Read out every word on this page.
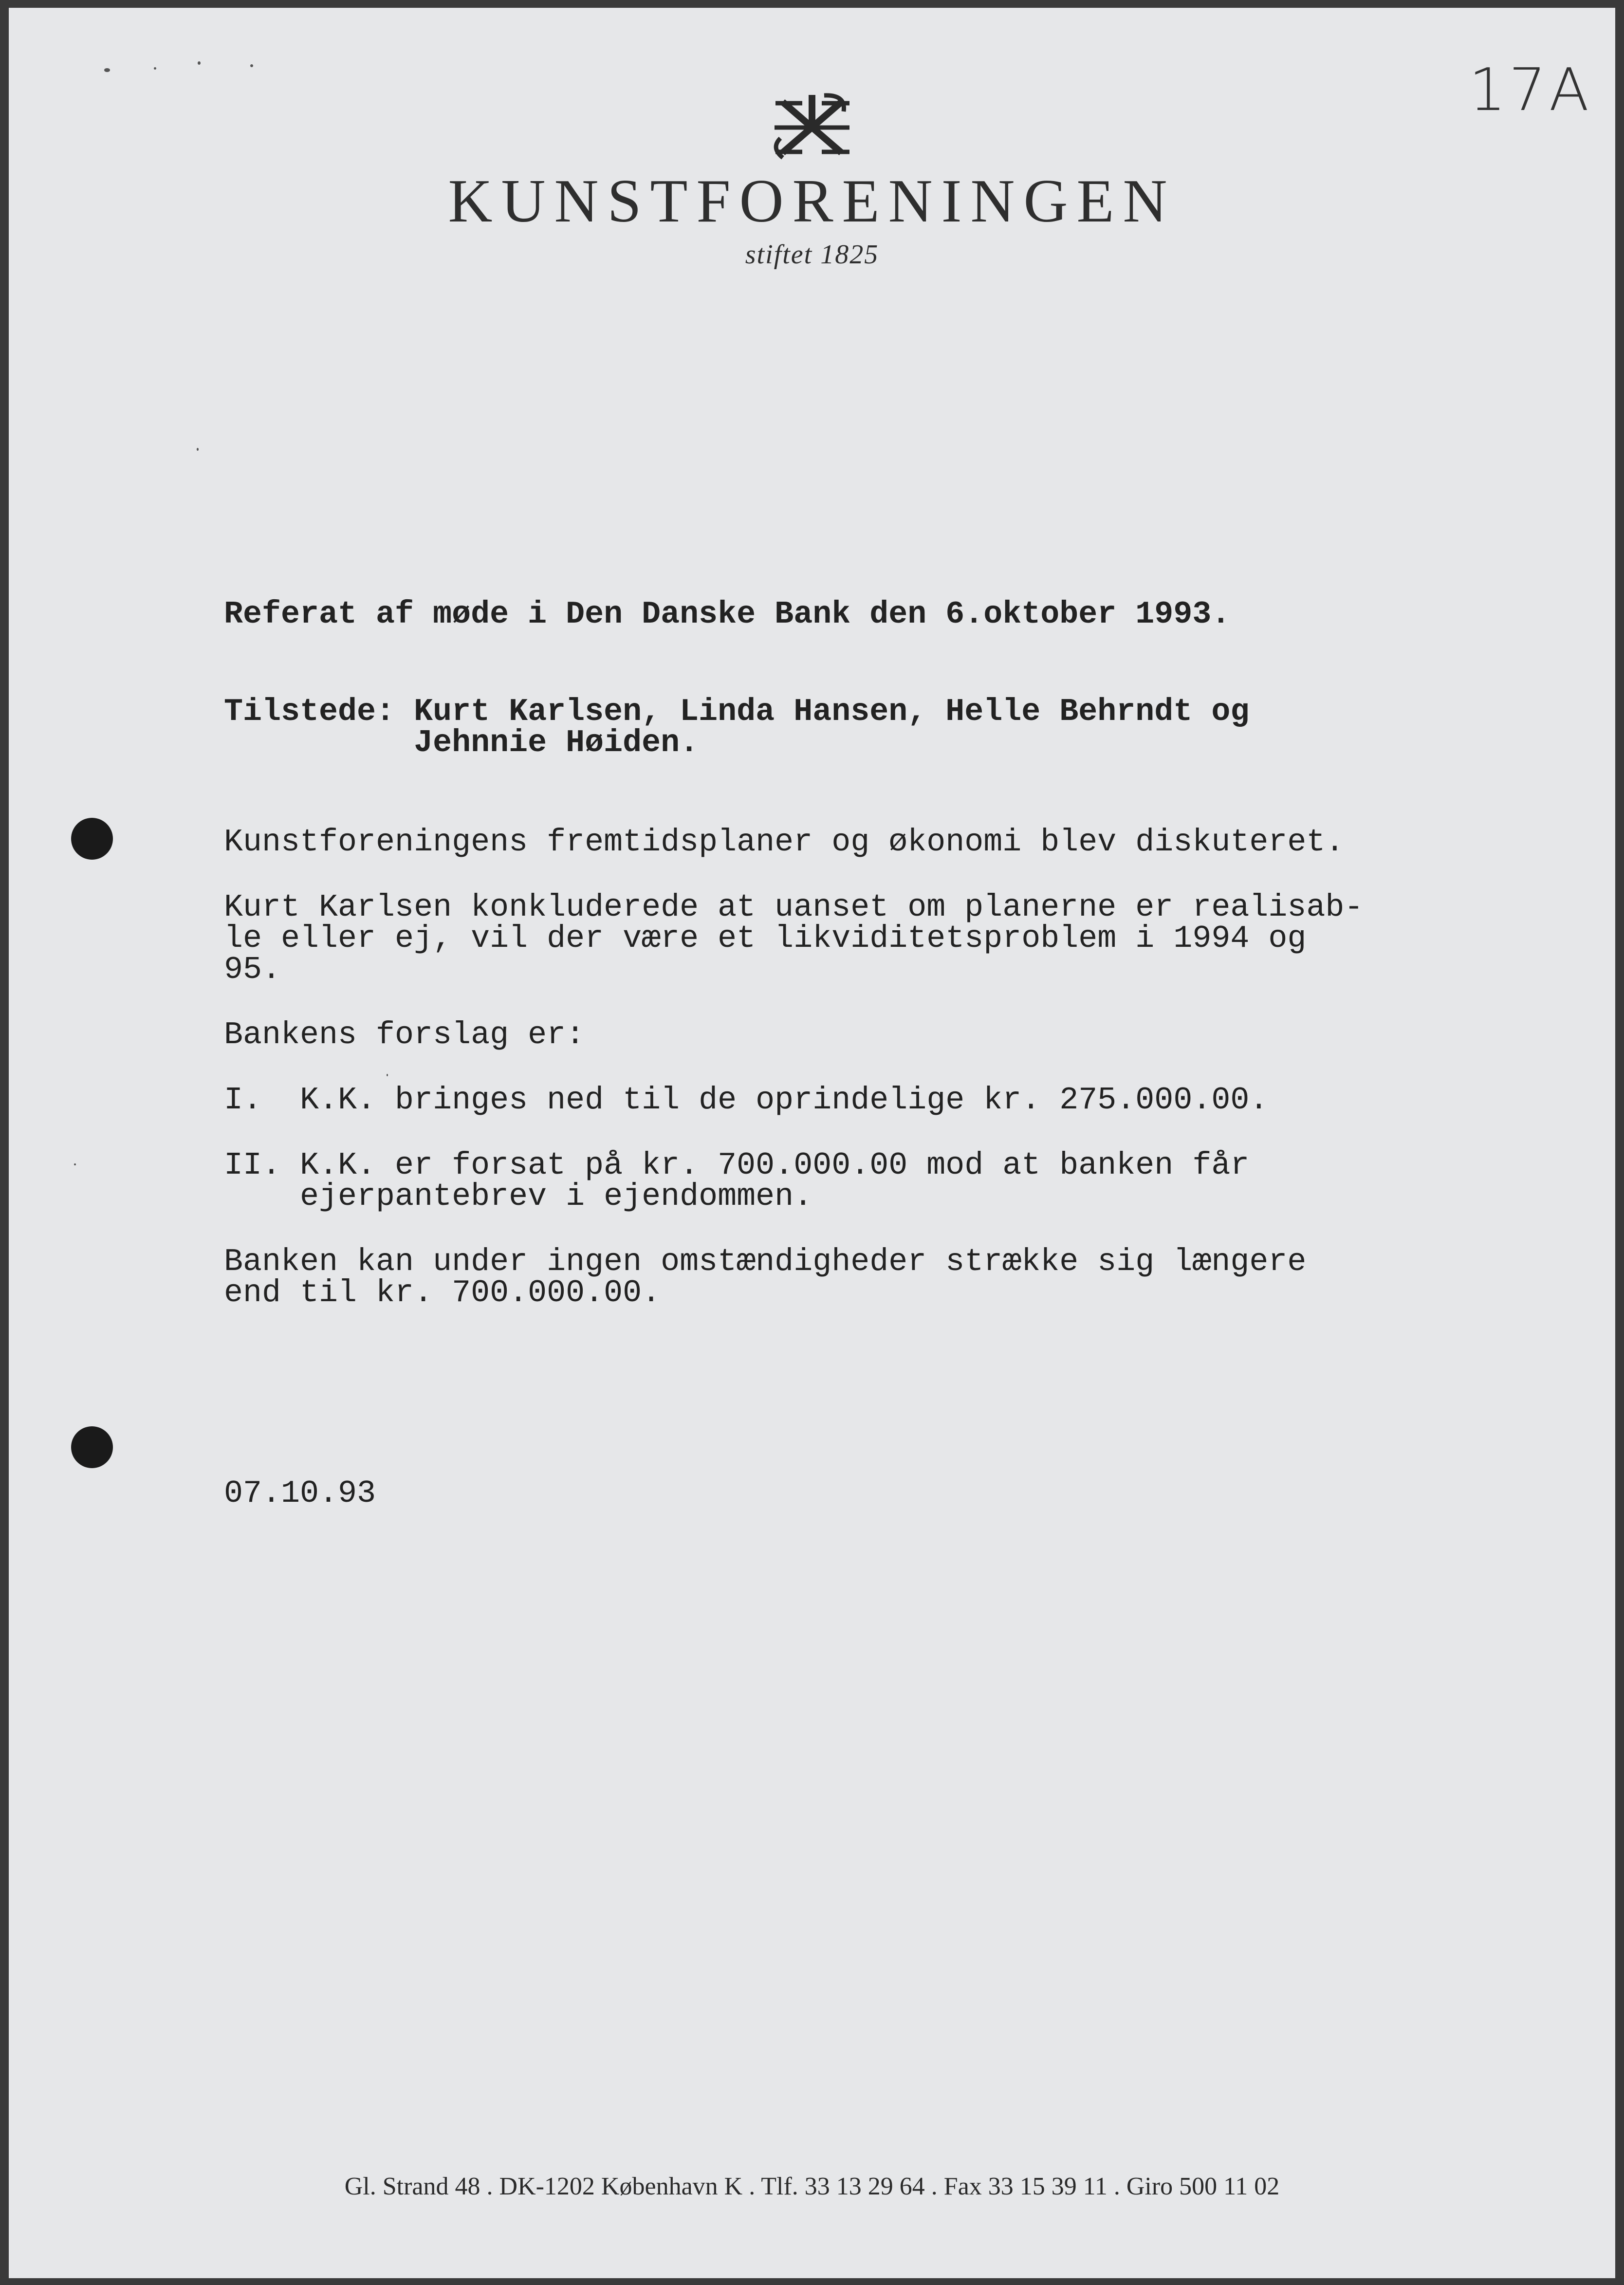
17A
KUNSTFORENINGEN
stiftet 1825
Referat af møde i Den Danske Bank den 6.oktober 1993.
Tilstede: Kurt Karlsen, Linda Hansen, Helle Behrndt og
Jehnnie Høiden.
Kunstforeningens fremtidsplaner og økonomi blev diskuteret.
Kurt Karlsen konkluderede at uanset om planerne er realisab-
le eller ej, vil der være et likviditetsproblem i 1994 og
95.
Bankens forslag er:
I.  K.K. bringes ned til de oprindelige kr. 275.000.00.
II. K.K. er forsat på kr. 700.000.00 mod at banken får
ejerpantebrev i ejendommen.
Banken kan under ingen omstændigheder strække sig længere
end til kr. 700.000.00.
07.10.93
Gl. Strand 48 . DK-1202 København K . Tlf. 33 13 29 64 . Fax 33 15 39 11 . Giro 500 11 02
